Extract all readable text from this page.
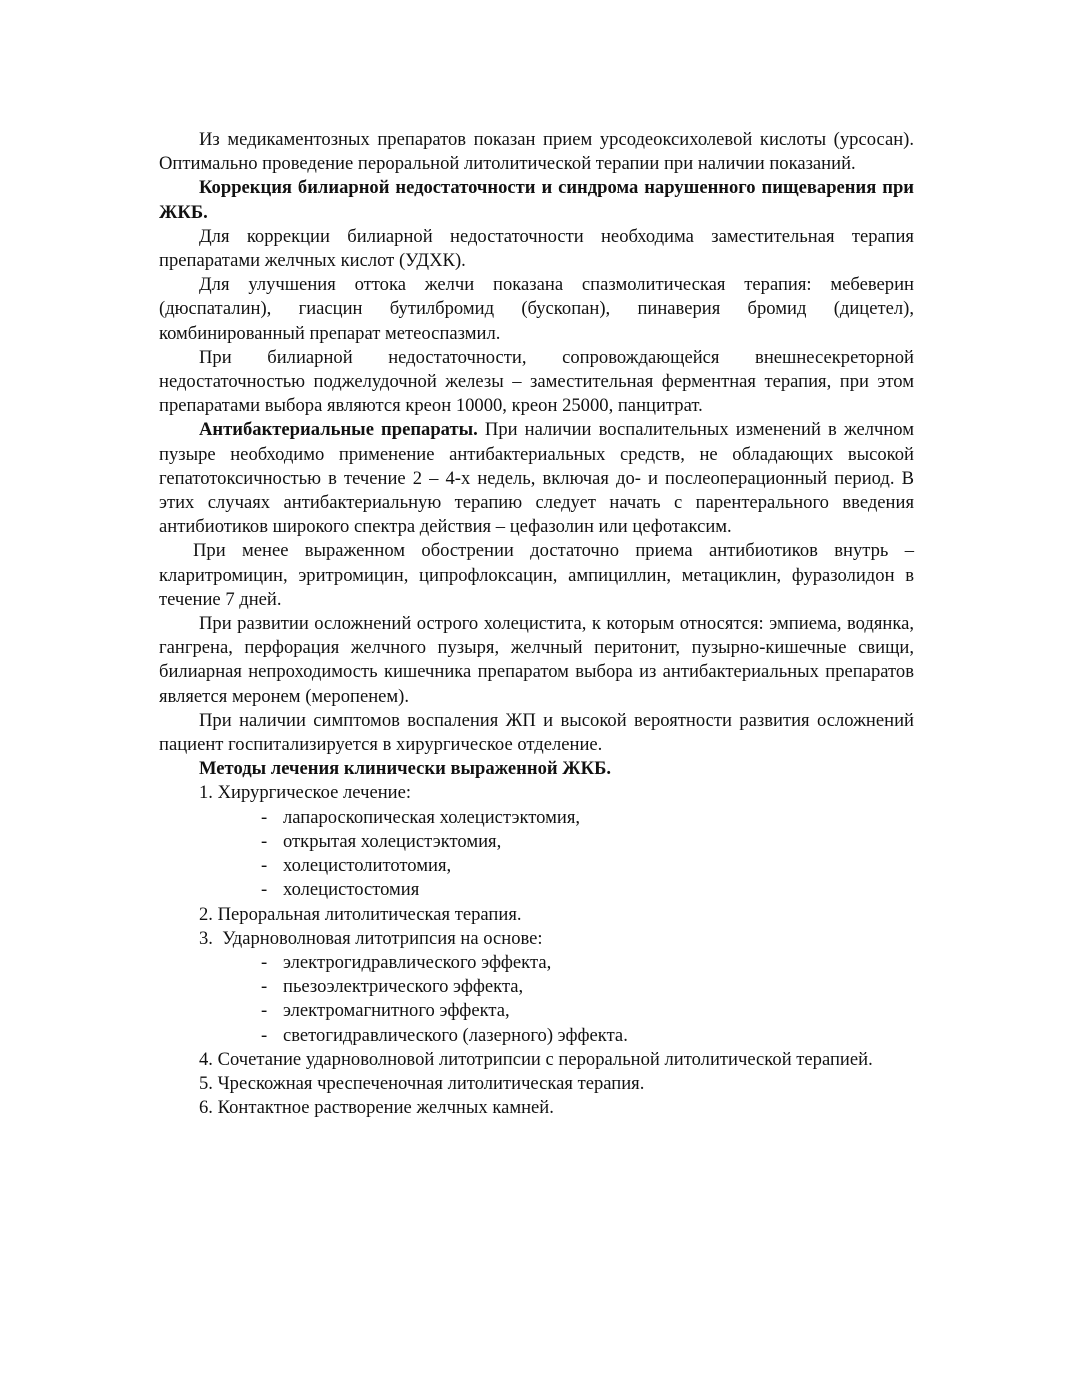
Из медикаментозных препаратов показан прием урсодеоксихолевой кислоты (урсосан). Оптимально проведение пероральной литолитической терапии при наличии показаний.

Коррекция билиарной недостаточности и синдрома нарушенного пищеварения при ЖКБ.

Для коррекции билиарной недостаточности необходима заместительная терапия препаратами желчных кислот (УДХК).

Для улучшения оттока желчи показана спазмолитическая терапия: мебеверин (дюспаталин), гиасцин бутилбромид (бускопан), пинаверия бромид (дицетел), комбинированный препарат метеоспазмил.

При билиарной недостаточности, сопровождающейся внешнесекреторной недостаточностью поджелудочной железы – заместительная ферментная терапия, при этом препаратами выбора являются креон 10000, креон 25000, панцитрат.

Антибактериальные препараты. При наличии воспалительных изменений в желчном пузыре необходимо применение антибактериальных средств, не обладающих высокой гепатотоксичностью в течение 2 – 4-х недель, включая до- и послеоперационный период. В этих случаях антибактериальную терапию следует начать с парентерального введения антибиотиков широкого спектра действия – цефазолин или цефотаксим.

При менее выраженном обострении достаточно приема антибиотиков внутрь – кларитромицин, эритромицин, ципрофлоксацин, ампициллин, метациклин, фуразолидон в течение 7 дней.

При развитии осложнений острого холецистита, к которым относятся: эмпиема, водянка, гангрена, перфорация желчного пузыря, желчный перитонит, пузырно-кишечные свищи, билиарная непроходимость кишечника препаратом выбора из антибактериальных препаратов является меронем (меропенем).

При наличии симптомов воспаления ЖП и высокой вероятности развития осложнений пациент госпитализируется в хирургическое отделение.

Методы лечения клинически выраженной ЖКБ.

1. Хирургическое лечение:

- лапароскопическая холецистэктомия,
- открытая холецистэктомия,
- холецистолитотомия,
- холецистостомия

2. Пероральная литолитическая терапия.

3.  Ударноволновая литотрипсия на основе:

- электрогидравлического эффекта,
- пьезоэлектрического эффекта,
- электромагнитного эффекта,
- светогидравлического (лазерного) эффекта.

4. Сочетание ударноволновой литотрипсии с пероральной литолитической терапией.

5. Чрескожная чреспеченочная литолитическая терапия.

6. Контактное растворение желчных камней.
